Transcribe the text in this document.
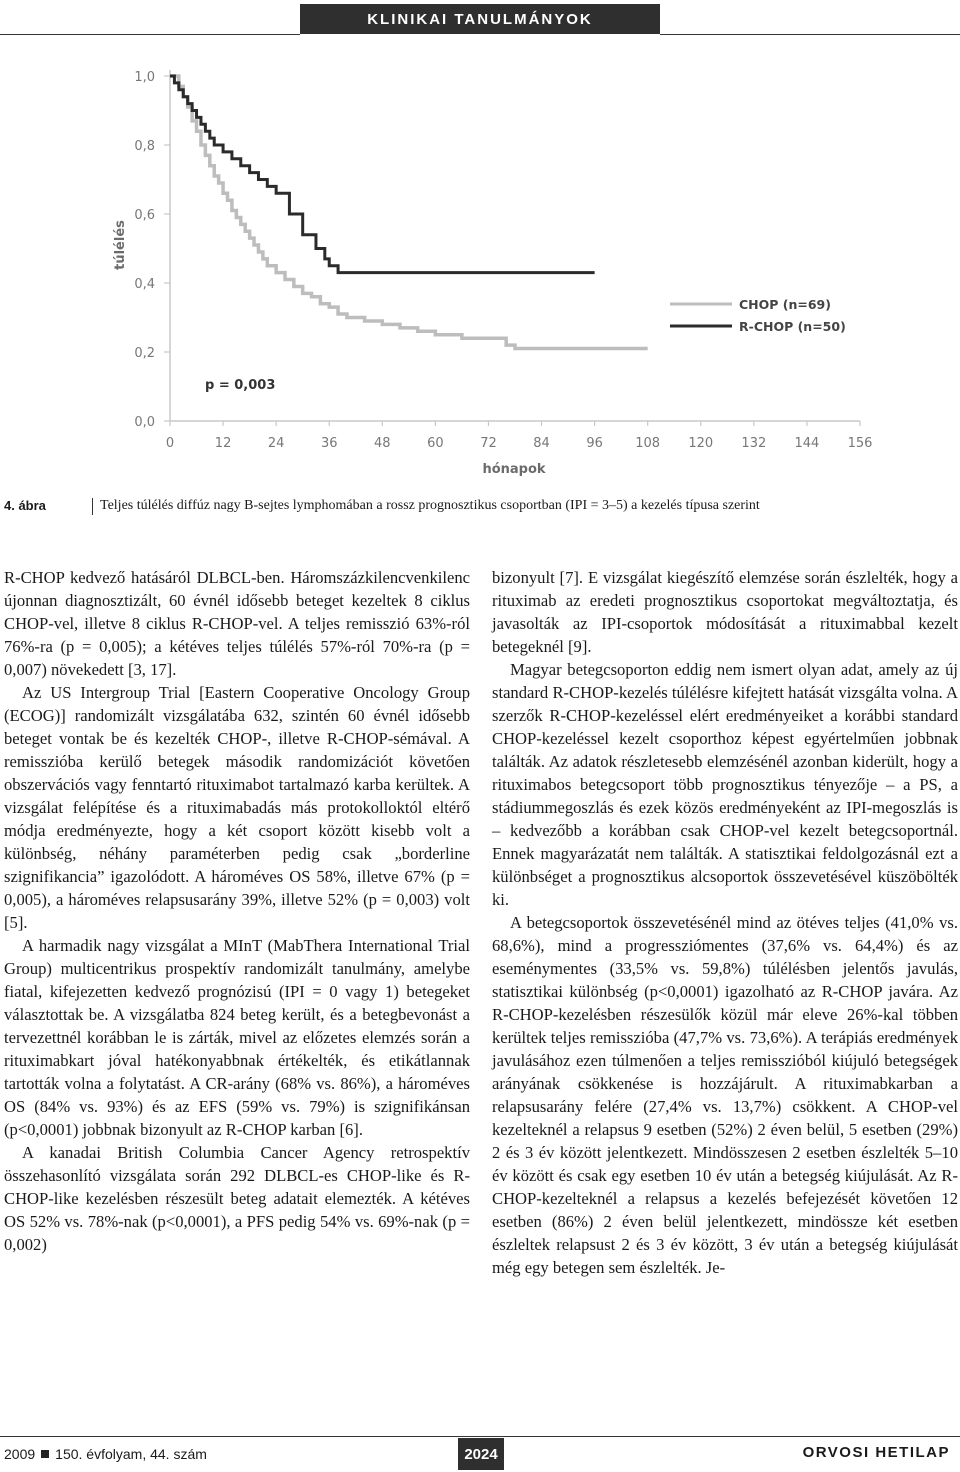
KLINIKAI TANULMÁNYOK
0,0
0,2
0,4
0,6
0,8
1,0
0	12	24	36	48	60	72	84	96 108 120 132 144 156
CHOP (n=69)
R-CHOP (n=50)
túlélés
hónapok
p = 0,003
4. ábra	Teljes túlélés diffúz nagy B-sejtes lymphomában a rossz prognosztikus csoportban (IPI = 3–5) a kezelés típusa szerint

R-CHOP kedvező hatásáról DLBCL-ben. Háromszázkilencvenkilenc újonnan diagnosztizált, 60 évnél idősebb beteget kezeltek 8 ciklus CHOP-vel, illetve 8 ciklus R-CHOP-vel. A teljes remisszió 63%-ról 76%-ra (p = 0,005); a kétéves teljes túlélés 57%-ról 70%-ra (p = 0,007) növekedett [3, 17].

Az US Intergroup Trial [Eastern Cooperative Oncology Group (ECOG)] randomizált vizsgálatába 632, szintén 60 évnél idősebb beteget vontak be és kezelték CHOP-, illetve R-CHOP-sémával. A remisszióba kerülő betegek második randomizációt követően obszervációs vagy fenntartó rituximabot tartalmazó karba kerültek. A vizsgálat felépítése és a rituximabadás más protokolloktól eltérő módja eredményezte, hogy a két csoport között kisebb volt a különbség, néhány paraméterben pedig csak „borderline szignifikancia” igazolódott. A hároméves OS 58%, illetve 67% (p = 0,005), a hároméves relapsusarány 39%, illetve 52% (p = 0,003) volt [5].

A harmadik nagy vizsgálat a MInT (MabThera International Trial Group) multicentrikus prospektív randomizált tanulmány, amelybe fiatal, kifejezetten kedvező prognózisú (IPI = 0 vagy 1) betegeket választottak be. A vizsgálatba 824 beteg került, és a betegbevonást a tervezettnél korábban le is zárták, mivel az előzetes elemzés során a rituximabkart jóval hatékonyabbnak értékelték, és etikátlannak tartották volna a folytatást. A CR-arány (68% vs. 86%), a hároméves OS (84% vs. 93%) és az EFS (59% vs. 79%) is szignifikánsan (p<0,0001) jobbnak bizonyult az R-CHOP karban [6].

A kanadai British Columbia Cancer Agency retrospektív összehasonlító vizsgálata során 292 DLBCL-es CHOP-like és R-CHOP-like kezelésben részesült beteg adatait elemezték. A kétéves OS 52% vs. 78%-nak (p<0,0001), a PFS pedig 54% vs. 69%-nak (p = 0,002)

bizonyult [7]. E vizsgálat kiegészítő elemzése során észlelték, hogy a rituximab az eredeti prognosztikus csoportokat megváltoztatja, és javasolták az IPI-csoportok módosítását a rituximabbal kezelt betegeknél [9].

Magyar betegcsoporton eddig nem ismert olyan adat, amely az új standard R-CHOP-kezelés túlélésre kifejtett hatását vizsgálta volna. A szerzők R-CHOP-kezeléssel elért eredményeiket a korábbi standard CHOP-kezeléssel kezelt csoporthoz képest egyértelműen jobbnak találták. Az adatok részletesebb elemzésénél azonban kiderült, hogy a rituximabos betegcsoport több prognosztikus tényezője – a PS, a stádiummegoszlás és ezek közös eredményeként az IPI-megoszlás is – kedvezőbb a korábban csak CHOP-vel kezelt betegcsoportnál. Ennek magyarázatát nem találták. A statisztikai feldolgozásnál ezt a különbséget a prognosztikus alcsoportok összevetésével küszöbölték ki.

A betegcsoportok összevetésénél mind az ötéves teljes (41,0% vs. 68,6%), mind a progressziómentes (37,6% vs. 64,4%) és az eseménymentes (33,5% vs. 59,8%) túlélésben jelentős javulás, statisztikai különbség (p<0,0001) igazolható az R-CHOP javára. Az R-CHOP-kezelésben részesülők közül már eleve 26%-kal többen kerültek teljes remisszióba (47,7% vs. 73,6%). A terápiás eredmények javulásához ezen túlmenően a teljes remisszióból kiújuló betegségek arányának csökkenése is hozzájárult. A rituximabkarban a relapsusarány felére (27,4% vs. 13,7%) csökkent. A CHOP-vel kezelteknél a relapsus 9 esetben (52%) 2 éven belül, 5 esetben (29%) 2 és 3 év között jelentkezett. Mindösszesen 2 esetben észlelték 5–10 év között és csak egy esetben 10 év után a betegség kiújulását. Az R-CHOP-kezelteknél a relapsus a kezelés befejezését követően 12 esetben (86%) 2 éven belül jelentkezett, mindössze két esetben észleltek relapsust 2 és 3 év között, 3 év után a betegség kiújulását még egy betegen sem észlelték. Je-

2009 150. évfolyam, 44. szám	2024	ORVOSI HETILAP
